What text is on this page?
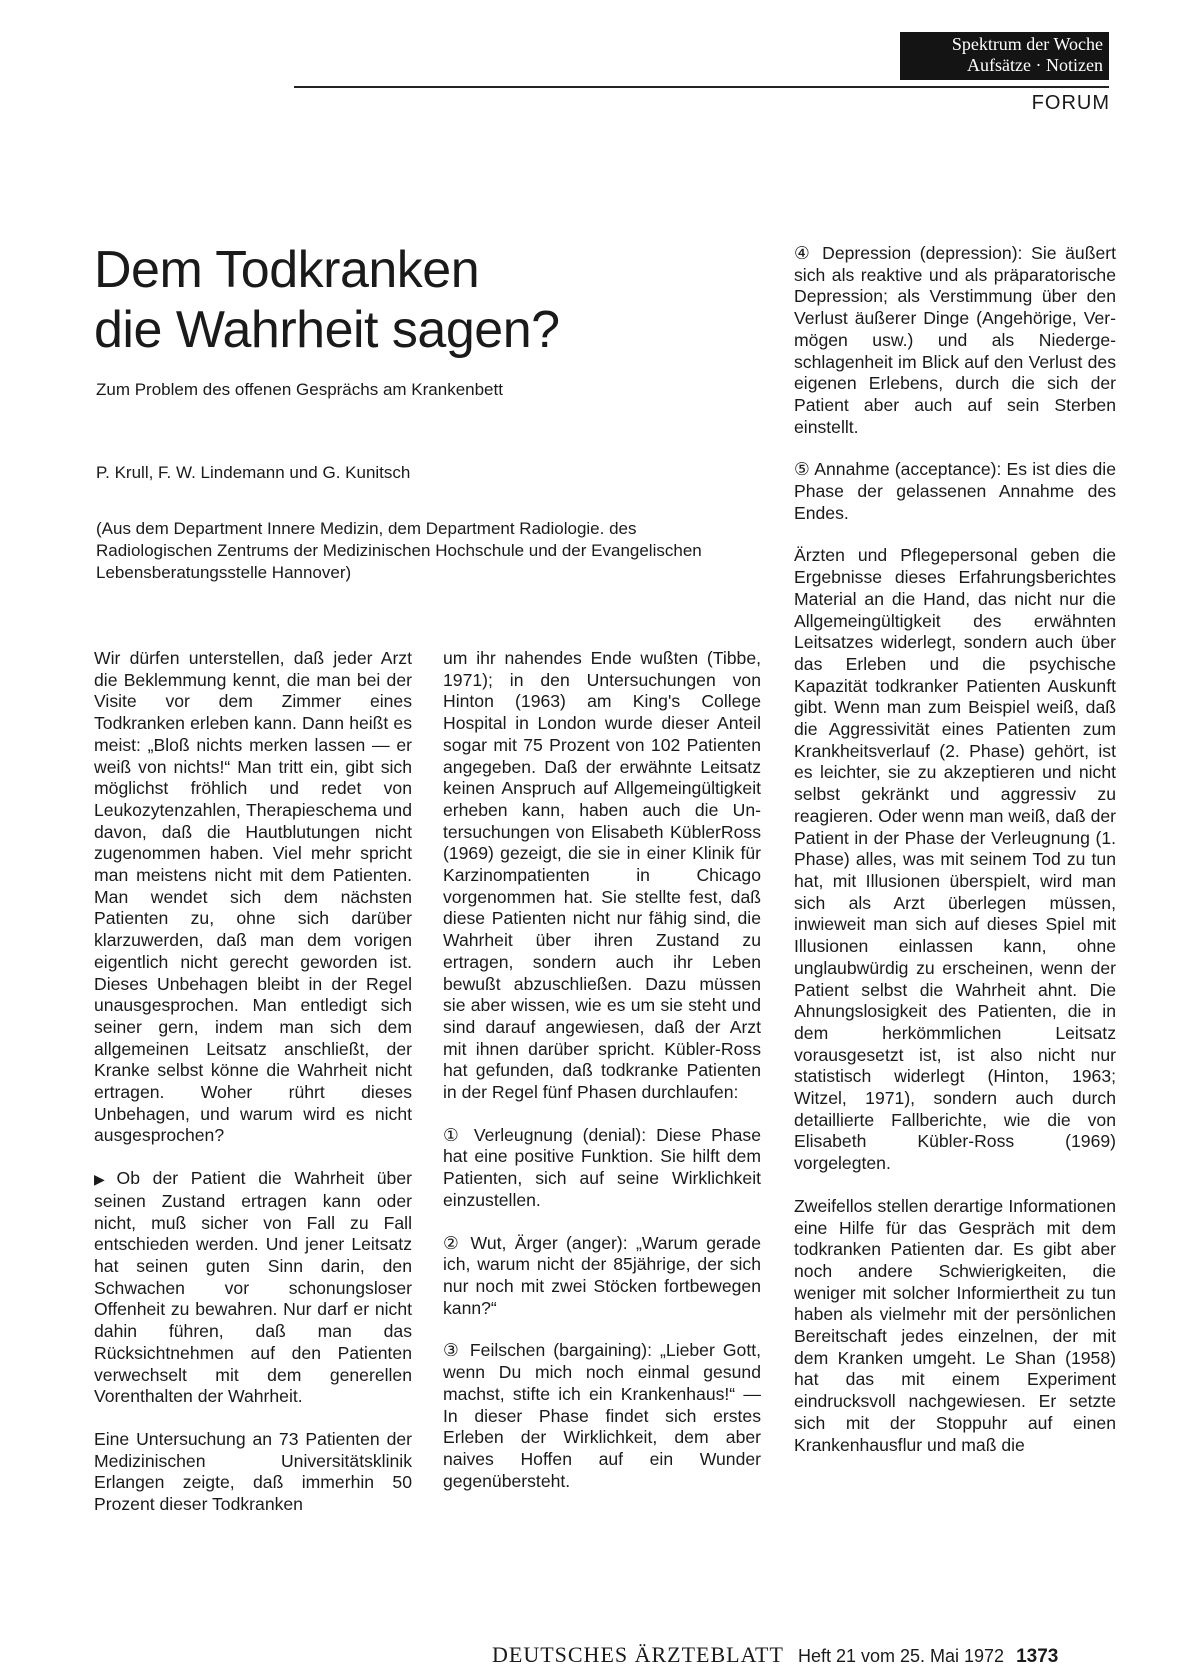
Spektrum der Woche
Aufsätze · Notizen
FORUM
Dem Todkranken
die Wahrheit sagen?
Zum Problem des offenen Gesprächs am Krankenbett
P. Krull, F. W. Lindemann und G. Kunitsch
(Aus dem Department Innere Medizin, dem Department Radiologie. des Radiologischen Zentrums der Medizinischen Hochschule und der Evangelischen Lebensberatungsstelle Hannover)

Wir dürfen unterstellen, daß jeder Arzt die Beklemmung kennt, die man bei der Visite vor dem Zimmer eines Todkranken erleben kann. Dann heißt es meist: „Bloß nichts merken lassen — er weiß von nichts!“ Man tritt ein, gibt sich möglichst fröhlich und redet von Leukozytenzahlen, Therapieschema und davon, daß die Hautblutungen nicht zugenommen haben. Viel mehr spricht man meistens nicht mit dem Patienten. Man wendet sich dem nächsten Patienten zu, ohne sich darüber klarzuwerden, daß man dem vorigen eigentlich nicht gerecht geworden ist. Dieses Unbehagen bleibt in der Regel unausgesprochen. Man entledigt sich seiner gern, indem man sich dem allgemeinen Leitsatz anschließt, der Kranke selbst könne die Wahrheit nicht ertragen. Woher rührt dieses Unbehagen, und warum wird es nicht ausgesprochen?

▶ Ob der Patient die Wahrheit über seinen Zustand ertragen kann oder nicht, muß sicher von Fall zu Fall entschieden werden. Und jener Leitsatz hat seinen guten Sinn darin, den Schwachen vor schonungsloser Offenheit zu bewahren. Nur darf er nicht dahin führen, daß man das Rücksichtnehmen auf den Patienten verwechselt mit dem generellen Vorenthalten der Wahrheit.

Eine Untersuchung an 73 Patienten der Medizinischen Universitätsklinik Erlangen zeigte, daß immerhin 50 Prozent dieser Todkranken

um ihr nahendes Ende wußten (Tibbe, 1971); in den Untersuchungen von Hinton (1963) am King's College Hospital in London wurde dieser Anteil sogar mit 75 Prozent von 102 Patienten angegeben. Daß der erwähnte Leitsatz keinen Anspruch auf Allgemeingültigkeit erheben kann, haben auch die Untersuchungen von Elisabeth KüblerRoss (1969) gezeigt, die sie in einer Klinik für Karzinompatienten in Chicago vorgenommen hat. Sie stellte fest, daß diese Patienten nicht nur fähig sind, die Wahrheit über ihren Zustand zu ertragen, sondern auch ihr Leben bewußt abzuschließen. Dazu müssen sie aber wissen, wie es um sie steht und sind darauf angewiesen, daß der Arzt mit ihnen darüber spricht. Kübler-Ross hat gefunden, daß todkranke Patienten in der Regel fünf Phasen durchlaufen:

① Verleugnung (denial): Diese Phase hat eine positive Funktion. Sie hilft dem Patienten, sich auf seine Wirklichkeit einzustellen.

② Wut, Ärger (anger): „Warum gerade ich, warum nicht der 85jährige, der sich nur noch mit zwei Stöcken fortbewegen kann?“

③ Feilschen (bargaining): „Lieber Gott, wenn Du mich noch einmal gesund machst, stifte ich ein Krankenhaus!“ — In dieser Phase findet sich erstes Erleben der Wirklichkeit, dem aber naives Hoffen auf ein Wunder gegenübersteht.

④ Depression (depression): Sie äußert sich als reaktive und als präparatorische Depression; als Verstimmung über den Verlust äußerer Dinge (Angehörige, Vermögen usw.) und als Niedergeschlagenheit im Blick auf den Verlust des eigenen Erlebens, durch die sich der Patient aber auch auf sein Sterben einstellt.

⑤ Annahme (acceptance): Es ist dies die Phase der gelassenen Annahme des Endes.

Ärzten und Pflegepersonal geben die Ergebnisse dieses Erfahrungsberichtes Material an die Hand, das nicht nur die Allgemeingültigkeit des erwähnten Leitsatzes widerlegt, sondern auch über das Erleben und die psychische Kapazität todkranker Patienten Auskunft gibt. Wenn man zum Beispiel weiß, daß die Aggressivität eines Patienten zum Krankheitsverlauf (2. Phase) gehört, ist es leichter, sie zu akzeptieren und nicht selbst gekränkt und aggressiv zu reagieren. Oder wenn man weiß, daß der Patient in der Phase der Verleugnung (1. Phase) alles, was mit seinem Tod zu tun hat, mit Illusionen überspielt, wird man sich als Arzt überlegen müssen, inwieweit man sich auf dieses Spiel mit Illusionen einlassen kann, ohne unglaubwürdig zu erscheinen, wenn der Patient selbst die Wahrheit ahnt. Die Ahnungslosigkeit des Patienten, die in dem herkömmlichen Leitsatz vorausgesetzt ist, ist also nicht nur statistisch widerlegt (Hinton, 1963; Witzel, 1971), sondern auch durch detaillierte Fallberichte, wie die von Elisabeth Kübler-Ross (1969) vorgelegten.

Zweifellos stellen derartige Informationen eine Hilfe für das Gespräch mit dem todkranken Patienten dar. Es gibt aber noch andere Schwierigkeiten, die weniger mit solcher Informiertheit zu tun haben als vielmehr mit der persönlichen Bereitschaft jedes einzelnen, der mit dem Kranken umgeht. Le Shan (1958) hat das mit einem Experiment eindrucksvoll nachgewiesen. Er setzte sich mit der Stoppuhr auf einen Krankenhausflur und maß die

DEUTSCHES ÄRZTEBLATT Heft 21 vom 25. Mai 1972 1373
